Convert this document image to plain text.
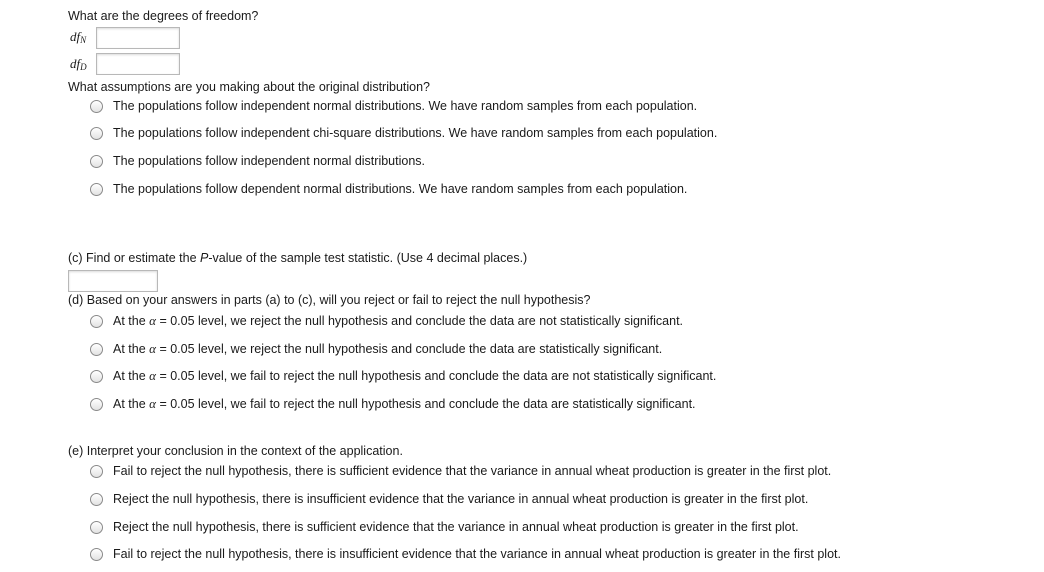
What are the degrees of freedom?
$df_N$
$df_D$
What assumptions are you making about the original distribution?
The populations follow independent normal distributions. We have random samples from each population.
The populations follow independent chi-square distributions. We have random samples from each population.
The populations follow independent normal distributions.
The populations follow dependent normal distributions. We have random samples from each population.
(c) Find or estimate the P-value of the sample test statistic. (Use 4 decimal places.)
(d) Based on your answers in parts (a) to (c), will you reject or fail to reject the null hypothesis?
At the α = 0.05 level, we reject the null hypothesis and conclude the data are not statistically significant.
At the α = 0.05 level, we reject the null hypothesis and conclude the data are statistically significant.
At the α = 0.05 level, we fail to reject the null hypothesis and conclude the data are not statistically significant.
At the α = 0.05 level, we fail to reject the null hypothesis and conclude the data are statistically significant.
(e) Interpret your conclusion in the context of the application.
Fail to reject the null hypothesis, there is sufficient evidence that the variance in annual wheat production is greater in the first plot.
Reject the null hypothesis, there is insufficient evidence that the variance in annual wheat production is greater in the first plot.
Reject the null hypothesis, there is sufficient evidence that the variance in annual wheat production is greater in the first plot.
Fail to reject the null hypothesis, there is insufficient evidence that the variance in annual wheat production is greater in the first plot.
